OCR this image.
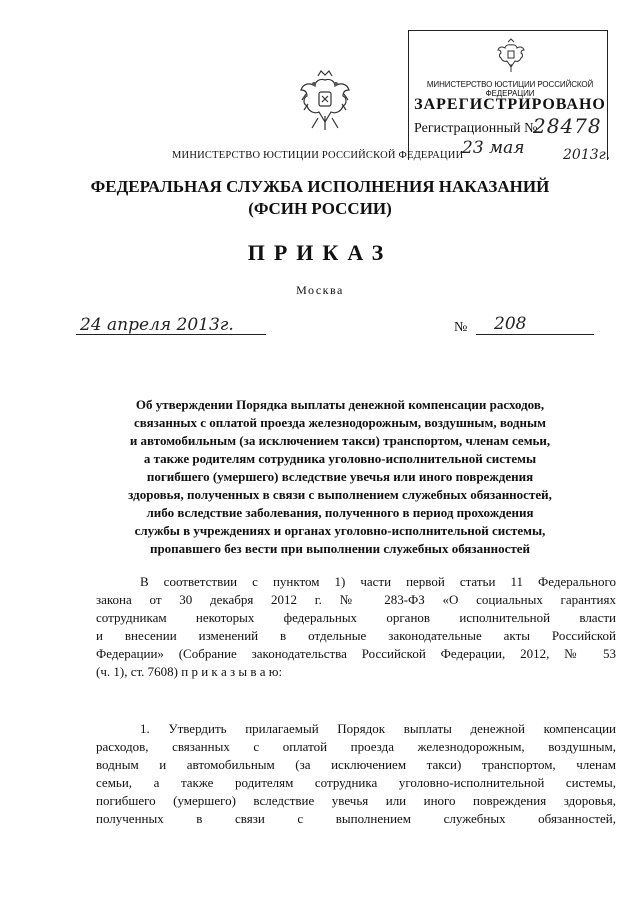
МИНИСТЕРСТВО ЮСТИЦИИ РОССИЙСКОЙ ФЕДЕРАЦИИ
ЗАРЕГИСТРИРОВАНО
Регистрационный №
28478
23 мая	2013г.
МИНИСТЕРСТВО ЮСТИЦИИ РОССИЙСКОЙ ФЕДЕРАЦИИ
ФЕДЕРАЛЬНАЯ СЛУЖБА ИСПОЛНЕНИЯ НАКАЗАНИЙ
(ФСИН РОССИИ)
ПРИКАЗ
Москва
24 апреля 2013г.	№ 208
Об утверждении Порядка выплаты денежной компенсации расходов,
связанных с оплатой проезда железнодорожным, воздушным, водным
и автомобильным (за исключением такси) транспортом, членам семьи,
а также родителям сотрудника уголовно-исполнительной системы
погибшего (умершего) вследствие увечья или иного повреждения
здоровья, полученных в связи с выполнением служебных обязанностей,
либо вследствие заболевания, полученного в период прохождения
службы в учреждениях и органах уголовно-исполнительной системы,
пропавшего без вести при выполнении служебных обязанностей
В соответствии с пунктом 1) части первой статьи 11 Федерального
закона от 30 декабря 2012 г. № 283-ФЗ «О социальных гарантиях
сотрудникам некоторых федеральных органов исполнительной власти
и внесении изменений в отдельные законодательные акты Российской
Федерации» (Собрание законодательства Российской Федерации, 2012, № 53
(ч. 1), ст. 7608) п р и к а з ы в а ю:
1. Утвердить прилагаемый Порядок выплаты денежной компенсации
расходов, связанных с оплатой проезда железнодорожным, воздушным,
водным и автомобильным (за исключением такси) транспортом, членам
семьи, а также родителям сотрудника уголовно-исполнительной системы,
погибшего (умершего) вследствие увечья или иного повреждения здоровья,
полученных в связи с выполнением служебных обязанностей,
